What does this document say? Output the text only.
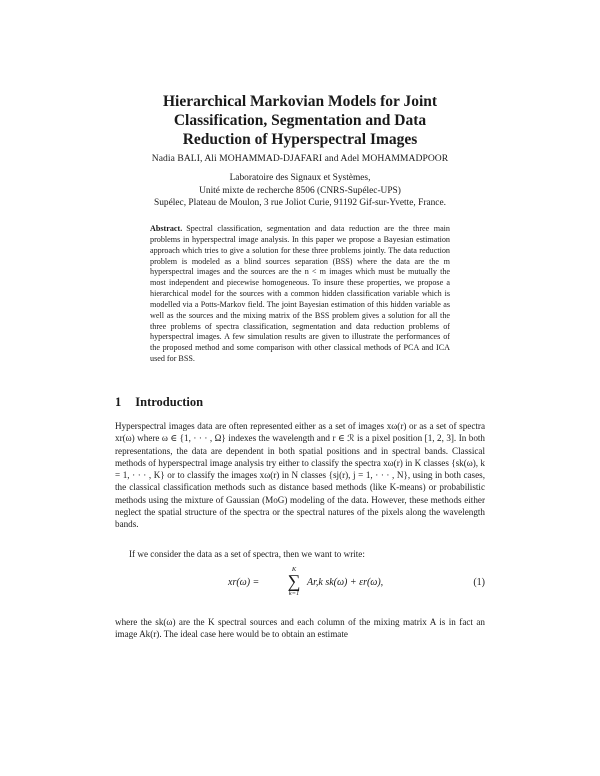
Hierarchical Markovian Models for Joint
Classification, Segmentation and Data
Reduction of Hyperspectral Images
Nadia BALI, Ali MOHAMMAD-DJAFARI and Adel MOHAMMADPOOR
Laboratoire des Signaux et Systèmes,
Unité mixte de recherche 8506 (CNRS-Supélec-UPS)
Supélec, Plateau de Moulon, 3 rue Joliot Curie, 91192 Gif-sur-Yvette, France.
Abstract. Spectral classification, segmentation and data reduction are the three main problems in hyperspectral image analysis. In this paper we propose a Bayesian estimation approach which tries to give a solution for these three problems jointly. The data reduction problem is modeled as a blind sources separation (BSS) where the data are the m hyperspectral images and the sources are the n < m images which must be mutually the most independent and piecewise homogeneous. To insure these properties, we propose a hierarchical model for the sources with a common hidden classification variable which is modelled via a Potts-Markov field. The joint Bayesian estimation of this hidden variable as well as the sources and the mixing matrix of the BSS problem gives a solution for all the three problems of spectra classification, segmentation and data reduction problems of hyperspectral images. A few simulation results are given to illustrate the performances of the proposed method and some comparison with other classical methods of PCA and ICA used for BSS.
1 Introduction
Hyperspectral images data are often represented either as a set of images xω(r) or as a set of spectra xr(ω) where ω ∈ {1, · · · , Ω} indexes the wavelength and r ∈ ℛ is a pixel position [1, 2, 3]. In both representations, the data are dependent in both spatial positions and in spectral bands. Classical methods of hyperspectral image analysis try either to classify the spectra xω(r) in K classes {sk(ω), k = 1, · · · , K} or to classify the images xω(r) in N classes {sj(r), j = 1, · · · , N}, using in both cases, the classical classification methods such as distance based methods (like K-means) or probabilistic methods using the mixture of Gaussian (MoG) modeling of the data. However, these methods either neglect the spatial structure of the spectra or the spectral natures of the pixels along the wavelength bands.
If we consider the data as a set of spectra, then we want to write:
xr(ω) =
K
∑
k=1
Ar,k sk(ω) + εr(ω),	(1)
where the sk(ω) are the K spectral sources and each column of the mixing matrix A is in fact an image Ak(r). The ideal case here would be to obtain an estimate
